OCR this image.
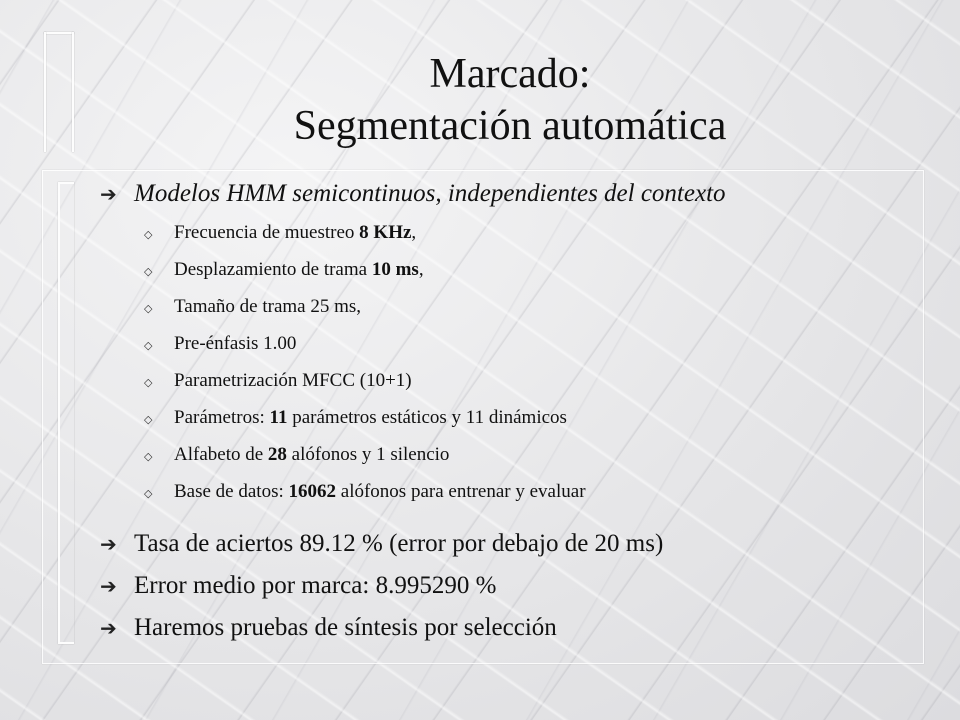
Marcado:
Segmentación automática
➔ Modelos HMM semicontinuos, independientes del contexto
◇	Frecuencia de muestreo 8 KHz,
◇	Desplazamiento de trama 10 ms,
◇	Tamaño de trama 25 ms,
◇	Pre-énfasis 1.00
◇	Parametrización MFCC (10+1)
◇	Parámetros: 11 parámetros estáticos y 11 dinámicos
◇	Alfabeto de 28 alófonos y 1 silencio
◇	Base de datos: 16062 alófonos para entrenar y evaluar
➔ Tasa de aciertos 89.12 % (error por debajo de 20 ms)
➔ Error medio por marca: 8.995290 %
➔ Haremos pruebas de síntesis por selección
